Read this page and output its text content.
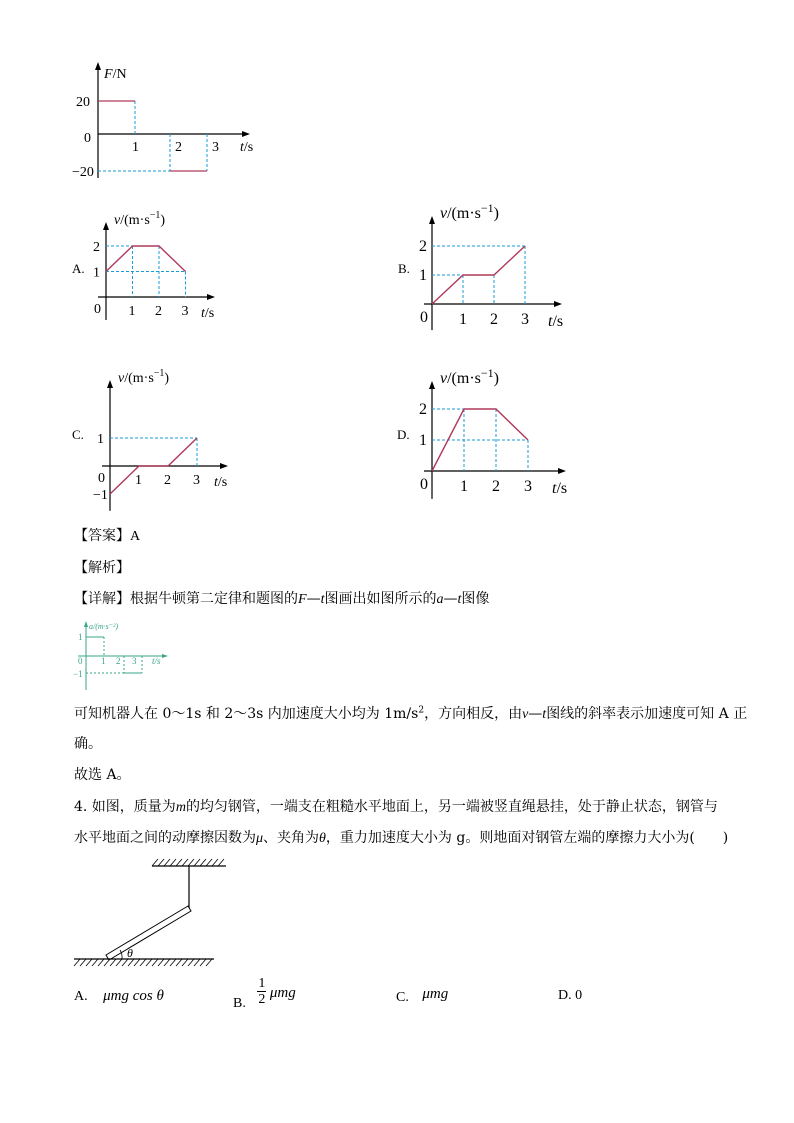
F/N
20
0
−20
1	2 3 t/s
1 2 3
1
2
0
$v/(m\cdot s^{-1})$
t/s
A.
1 2 3
1
2
0
$v/(m\cdot s^{-1})$
t/s
B.
1 2 3
1
−1
0
$v/(m\cdot s^{-1})$
t/s
C.
1 2 3
1
2
0
$v/(m\cdot s^{-1})$
t/s
D.
【答案】A
【解析】
【详解】根据牛顿第二定律和题图的F—t图画出如图所示的a—t图像
a/(m·s⁻²)
1
0
−1
1 2 3 t/s
可知机器人在 0～1s 和 2～3s 内加速度大小均为 $1m/s^2$，方向相反，由v—t图线的斜率表示加速度可知 A 正
确。
故选 A。
4. 如图，质量为m的均匀钢管，一端支在粗糙水平地面上，另一端被竖直绳悬挂，处于静止状态，钢管与
水平地面之间的动摩擦因数为μ、夹角为θ，重力加速度大小为 g。则地面对钢管左端的摩擦力大小为(　　)
θ
A. μmg cos θ	B. $\frac{1}{2}$ μmg	C. μmg	D. 0
